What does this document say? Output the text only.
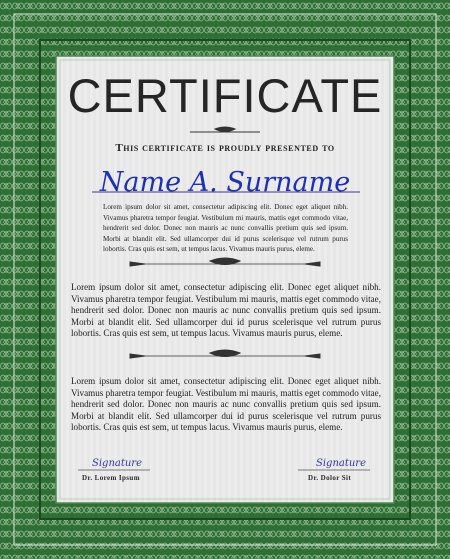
CERTIFICATE
This certificate is proudly presented to
Name A. Surname
Lorem ipsum dolor sit amet, consectetur adipiscing elit. Donec eget aliquet nibh. Vivamus pharetra tempor feugiat. Vestibulum mi mauris, mattis eget commodo vitae, hendrerit sed dolor. Donec non mauris ac nunc convallis pretium quis sed ipsum. Morbi at blandit elit. Sed ullamcorper dui id purus scelerisque vel rutrum purus lobortis. Cras quis est sem, ut tempus lacus. Vivamus mauris purus, eleme.
Lorem ipsum dolor sit amet, consectetur adipiscing elit. Donec eget aliquet nibh. Vivamus pharetra tempor feugiat. Vestibulum mi mauris, mattis eget commodo vitae, hendrerit sed dolor. Donec non mauris ac nunc convallis pretium quis sed ipsum. Morbi at blandit elit. Sed ullamcorper dui id purus scelerisque vel rutrum purus lobortis. Cras quis est sem, ut tempus lacus. Vivamus mauris purus, eleme.
Lorem ipsum dolor sit amet, consectetur adipiscing elit. Donec eget aliquet nibh. Vivamus pharetra tempor feugiat. Vestibulum mi mauris, mattis eget commodo vitae, hendrerit sed dolor. Donec non mauris ac nunc convallis pretium quis sed ipsum. Morbi at blandit elit. Sed ullamcorper dui id purus scelerisque vel rutrum purus lobortis. Cras quis est sem, ut tempus lacus. Vivamus mauris purus, eleme.
Signature
Dr. Lorem Ipsum
Signature
Dr. Dolor Sit
